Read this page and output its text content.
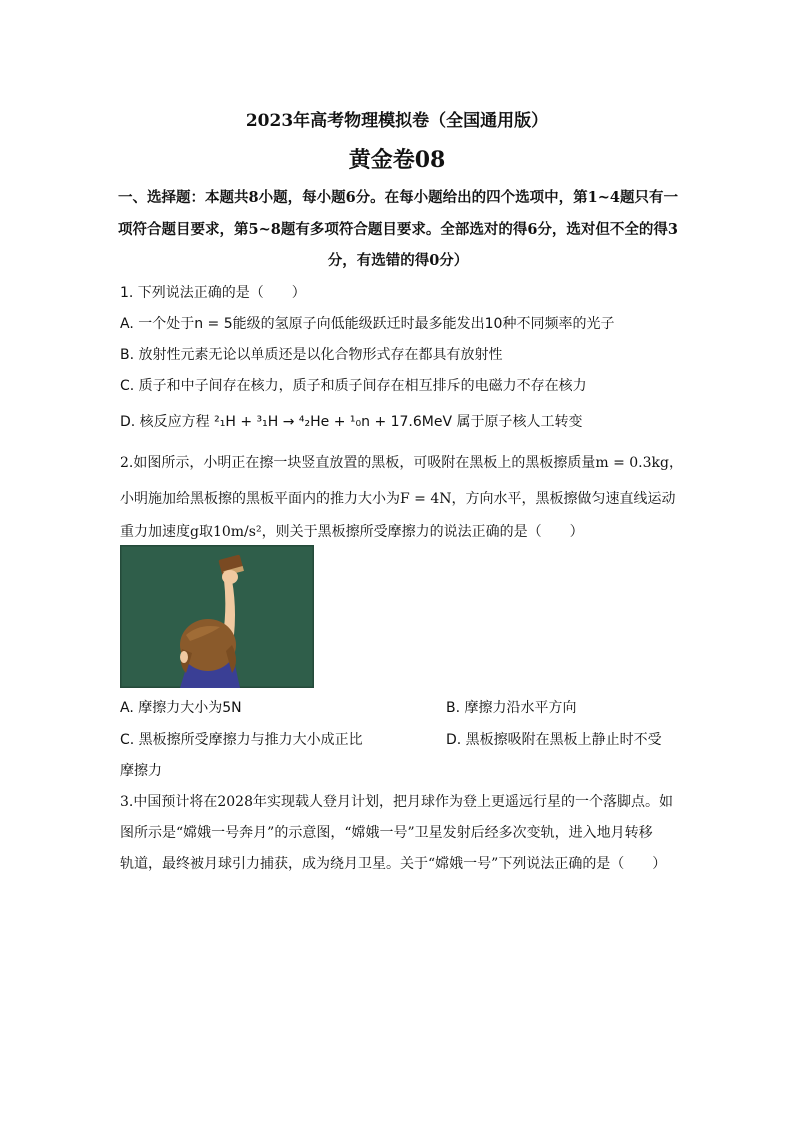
2023年高考物理模拟卷（全国通用版）
黄金卷08
一、选择题：本题共8小题，每小题6分。在每小题给出的四个选项中，第1~4题只有一
项符合题目要求，第5~8题有多项符合题目要求。全部选对的得6分，选对但不全的得3
分，有选错的得0分）
1. 下列说法正确的是（　　）
A. 一个处于n = 5能级的氢原子向低能级跃迁时最多能发出10种不同频率的光子
B. 放射性元素无论以单质还是以化合物形式存在都具有放射性
C. 质子和中子间存在核力，质子和质子间存在相互排斥的电磁力不存在核力
D. 核反应方程 ²₁H + ³₁H → ⁴₂He + ¹₀n + 17.6MeV 属于原子核人工转变
2.如图所示，小明正在擦一块竖直放置的黑板，可吸附在黑板上的黑板擦质量m = 0.3kg，
小明施加给黑板擦的黑板平面内的推力大小为F = 4N，方向水平，黑板擦做匀速直线运动
重力加速度g取10m/s²，则关于黑板擦所受摩擦力的说法正确的是（　　）
A. 摩擦力大小为5N	B. 摩擦力沿水平方向
C. 黑板擦所受摩擦力与推力大小成正比	D. 黑板擦吸附在黑板上静止时不受
摩擦力
3.中国预计将在2028年实现载人登月计划，把月球作为登上更遥远行星的一个落脚点。如
图所示是“嫦娥一号奔月”的示意图，“嫦娥一号”卫星发射后经多次变轨，进入地月转移
轨道，最终被月球引力捕获，成为绕月卫星。关于“嫦娥一号”下列说法正确的是（　　）
